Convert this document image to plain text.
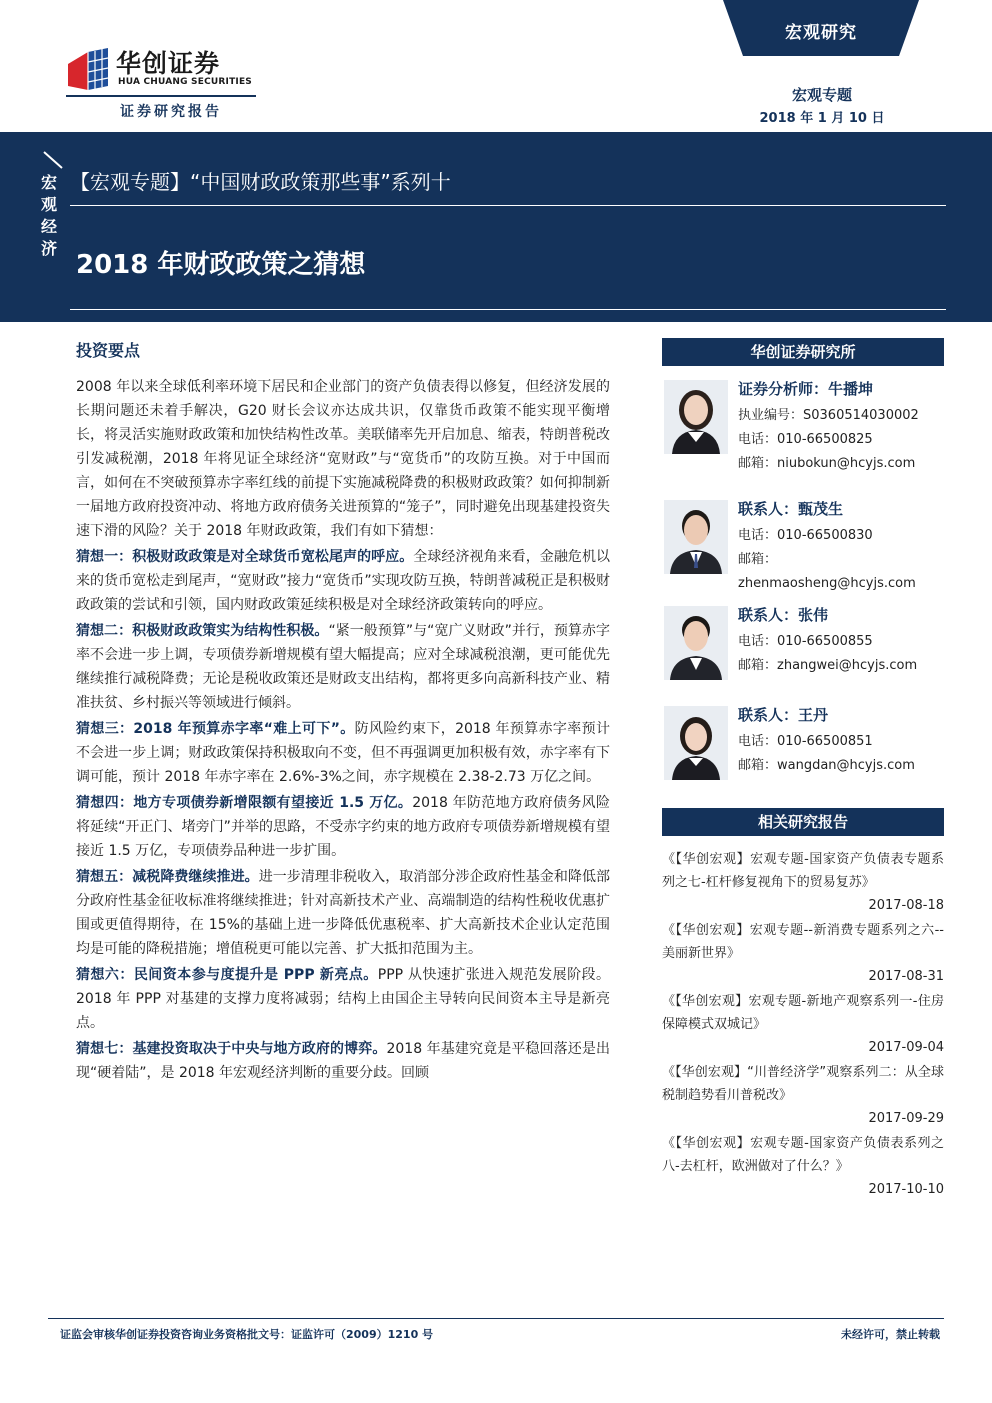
华创证券
HUA CHUANG SECURITIES
证券研究报告
宏观研究
宏观专题
2018 年 1 月 10 日
宏观经济
【宏观专题】“中国财政政策那些事”系列十
2018 年财政政策之猜想
投资要点

2008 年以来全球低利率环境下居民和企业部门的资产负债表得以修复，但经济发展的长期问题还未着手解决，G20 财长会议亦达成共识，仅靠货币政策不能实现平衡增长，将灵活实施财政政策和加快结构性改革。美联储率先开启加息、缩表，特朗普税改引发减税潮，2018 年将见证全球经济“宽财政”与“宽货币”的攻防互换。对于中国而言，如何在不突破预算赤字率红线的前提下实施减税降费的积极财政政策？如何抑制新一届地方政府投资冲动、将地方政府债务关进预算的“笼子”，同时避免出现基建投资失速下滑的风险？关于 2018 年财政政策，我们有如下猜想：

猜想一：积极财政政策是对全球货币宽松尾声的呼应。全球经济视角来看，金融危机以来的货币宽松走到尾声，“宽财政”接力“宽货币”实现攻防互换，特朗普减税正是积极财政政策的尝试和引领，国内财政政策延续积极是对全球经济政策转向的呼应。

猜想二：积极财政政策实为结构性积极。“紧一般预算”与“宽广义财政”并行，预算赤字率不会进一步上调，专项债券新增规模有望大幅提高；应对全球减税浪潮，更可能优先继续推行减税降费；无论是税收政策还是财政支出结构，都将更多向高新科技产业、精准扶贫、乡村振兴等领域进行倾斜。

猜想三：2018 年预算赤字率“难上可下”。防风险约束下，2018 年预算赤字率预计不会进一步上调；财政政策保持积极取向不变，但不再强调更加积极有效，赤字率有下调可能，预计 2018 年赤字率在 2.6%-3%之间，赤字规模在 2.38-2.73 万亿之间。

猜想四：地方专项债券新增限额有望接近 1.5 万亿。2018 年防范地方政府债务风险将延续“开正门、堵旁门”并举的思路，不受赤字约束的地方政府专项债券新增规模有望接近 1.5 万亿，专项债券品种进一步扩围。

猜想五：减税降费继续推进。进一步清理非税收入，取消部分涉企政府性基金和降低部分政府性基金征收标准将继续推进；针对高新技术产业、高端制造的结构性税收优惠扩围或更值得期待，在 15%的基础上进一步降低优惠税率、扩大高新技术企业认定范围均是可能的降税措施；增值税更可能以完善、扩大抵扣范围为主。

猜想六：民间资本参与度提升是 PPP 新亮点。PPP 从快速扩张进入规范发展阶段。2018 年 PPP 对基建的支撑力度将减弱；结构上由国企主导转向民间资本主导是新亮点。

猜想七：基建投资取决于中央与地方政府的博弈。2018 年基建究竟是平稳回落还是出现“硬着陆”，是 2018 年宏观经济判断的重要分歧。回顾

华创证券研究所
证券分析师：牛播坤
执业编号：S0360514030002
电话：010-66500825
邮箱：niubokun@hcyjs.com
联系人：甄茂生
电话：010-66500830
邮箱：
zhenmaosheng@hcyjs.com
联系人：张伟
电话：010-66500855
邮箱：zhangwei@hcyjs.com
联系人：王丹
电话：010-66500851
邮箱：wangdan@hcyjs.com
相关研究报告
《【华创宏观】宏观专题-国家资产负债表专题系列之七-杠杆修复视角下的贸易复苏》
2017-08-18
《【华创宏观】宏观专题--新消费专题系列之六--美丽新世界》
2017-08-31
《【华创宏观】宏观专题-新地产观察系列一-住房保障模式双城记》
2017-09-04
《【华创宏观】“川普经济学”观察系列二：从全球税制趋势看川普税改》
2017-09-29
《【华创宏观】宏观专题-国家资产负债表系列之八-去杠杆，欧洲做对了什么？》
2017-10-10
证监会审核华创证券投资咨询业务资格批文号：证监许可（2009）1210 号	未经许可，禁止转载
